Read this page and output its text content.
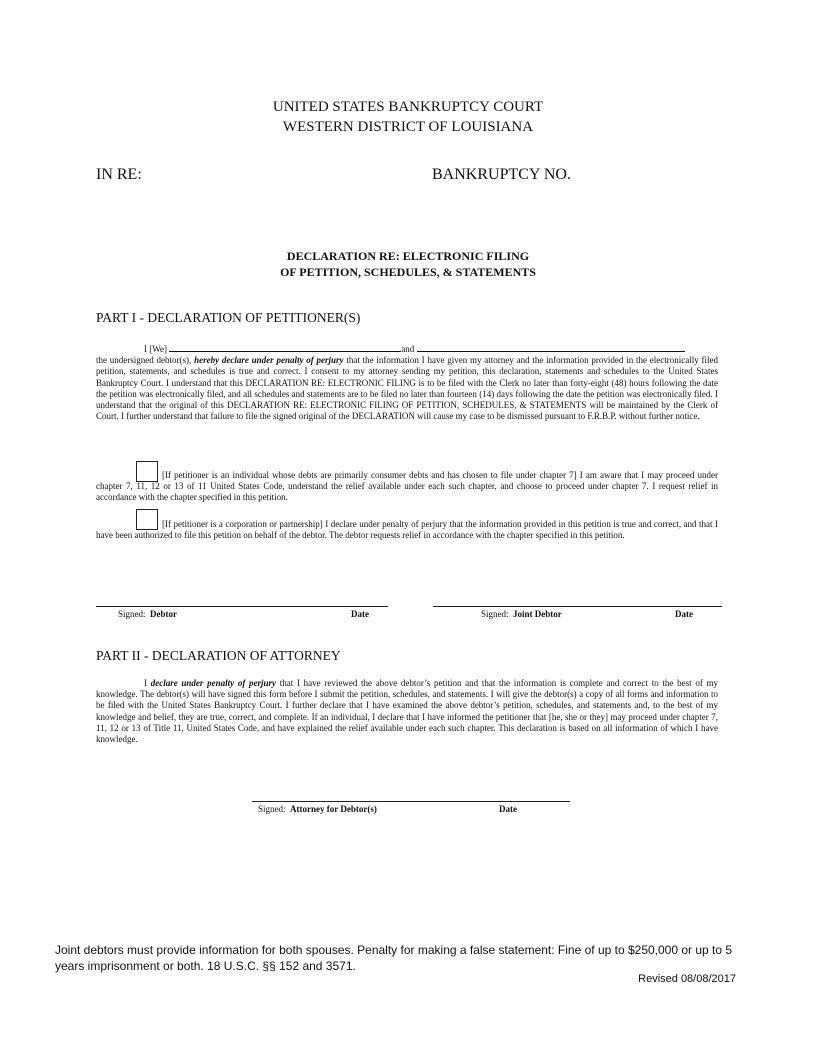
UNITED STATES BANKRUPTCY COURT
WESTERN DISTRICT OF LOUISIANA
IN RE:	BANKRUPTCY NO.
DECLARATION RE: ELECTRONIC FILING
OF PETITION, SCHEDULES, & STATEMENTS
PART I - DECLARATION OF PETITIONER(S)

I [We]	and

the undersigned debtor(s), hereby declare under penalty of perjury that the information I have given my attorney and the information provided in the electronically filed petition, statements, and schedules is true and correct. I consent to my attorney sending my petition, this declaration, statements and schedules to the United States Bankruptcy Court. I understand that this DECLARATION RE: ELECTRONIC FILING is to be filed with the Clerk no later than forty-eight (48) hours following the date the petition was electronically filed, and all schedules and statements are to be filed no later than fourteen (14) days following the date the petition was electronically filed. I understand that the original of this DECLARATION RE: ELECTRONIC FILING OF PETITION, SCHEDULES, & STATEMENTS will be maintained by the Clerk of Court. I further understand that failure to file the signed original of the DECLARATION will cause my case to be dismissed pursuant to F.R.B.P. without further notice.

[If petitioner is an individual whose debts are primarily consumer debts and has chosen to file under chapter 7] I am aware that I may proceed under chapter 7, 11, 12 or 13 of 11 United States Code, understand the relief available under each such chapter, and choose to proceed under chapter 7. I request relief in accordance with the chapter specified in this petition.

[If petitioner is a corporation or partnership] I declare under penalty of perjury that the information provided in this petition is true and correct, and that I have been authorized to file this petition on behalf of the debtor. The debtor requests relief in accordance with the chapter specified in this petition.

Signed: Debtor	Date	Signed: Joint Debtor	Date
PART II - DECLARATION OF ATTORNEY

I declare under penalty of perjury that I have reviewed the above debtor’s petition and that the information is complete and correct to the best of my knowledge. The debtor(s) will have signed this form before I submit the petition, schedules, and statements. I will give the debtor(s) a copy of all forms and information to be filed with the United States Bankruptcy Court. I further declare that I have examined the above debtor’s petition, schedules, and statements and, to the best of my knowledge and belief, they are true, correct, and complete. If an individual, I declare that I have informed the petitioner that [he, she or they] may proceed under chapter 7, 11, 12 or 13 of Title 11, United States Code, and have explained the relief available under each such chapter. This declaration is based on all information of which I have knowledge.

Signed: Attorney for Debtor(s)	Date
Joint debtors must provide information for both spouses. Penalty for making a false statement: Fine of up to $250,000 or up to 5 years imprisonment or both. 18 U.S.C. §§ 152 and 3571.
Revised 08/08/2017
